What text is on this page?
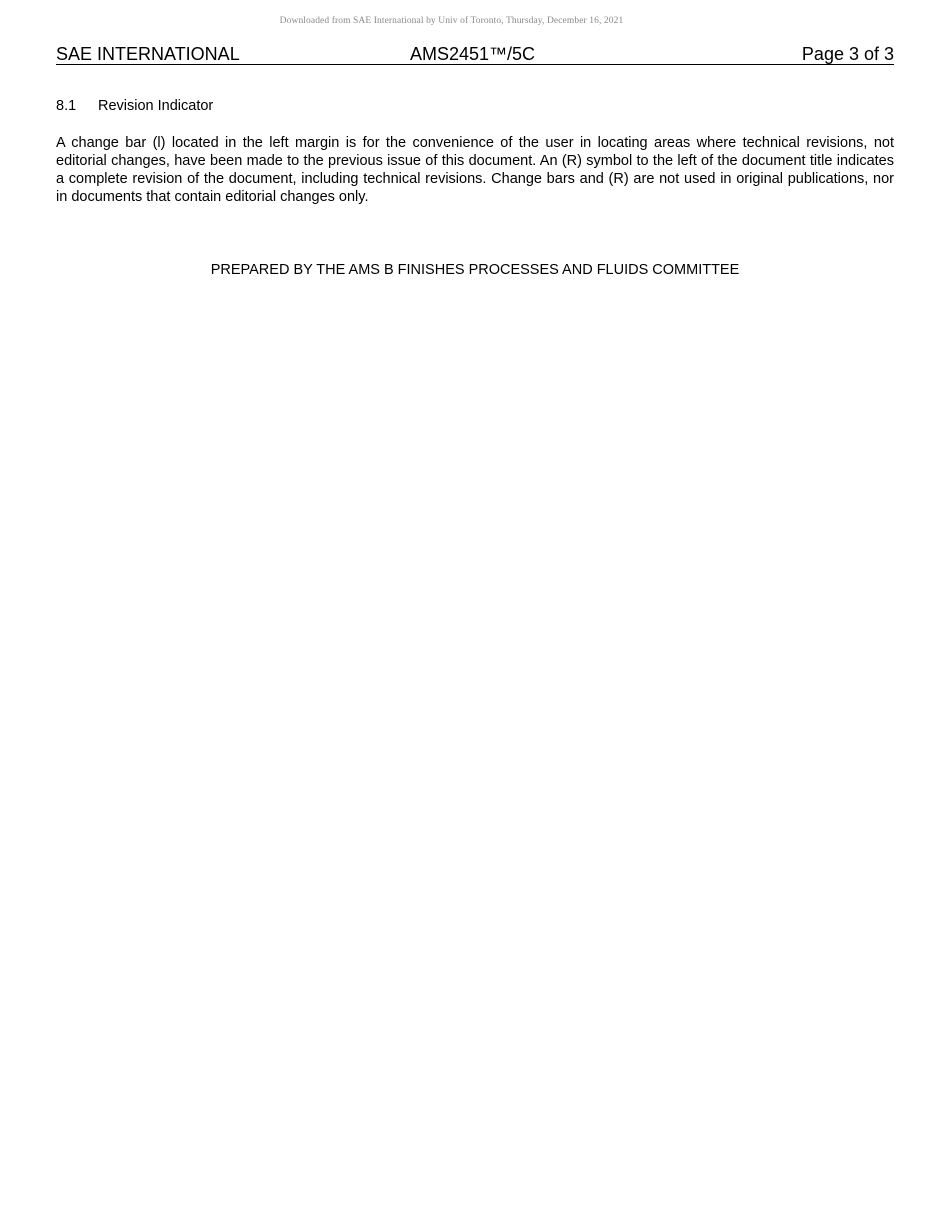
Downloaded from SAE International by Univ of Toronto, Thursday, December 16, 2021
SAE INTERNATIONAL	AMS2451™/5C	Page 3 of 3
8.1 Revision Indicator

A change bar (l) located in the left margin is for the convenience of the user in locating areas where technical revisions, not editorial changes, have been made to the previous issue of this document. An (R) symbol to the left of the document title indicates a complete revision of the document, including technical revisions. Change bars and (R) are not used in original publications, nor in documents that contain editorial changes only.

PREPARED BY THE AMS B FINISHES PROCESSES AND FLUIDS COMMITTEE
